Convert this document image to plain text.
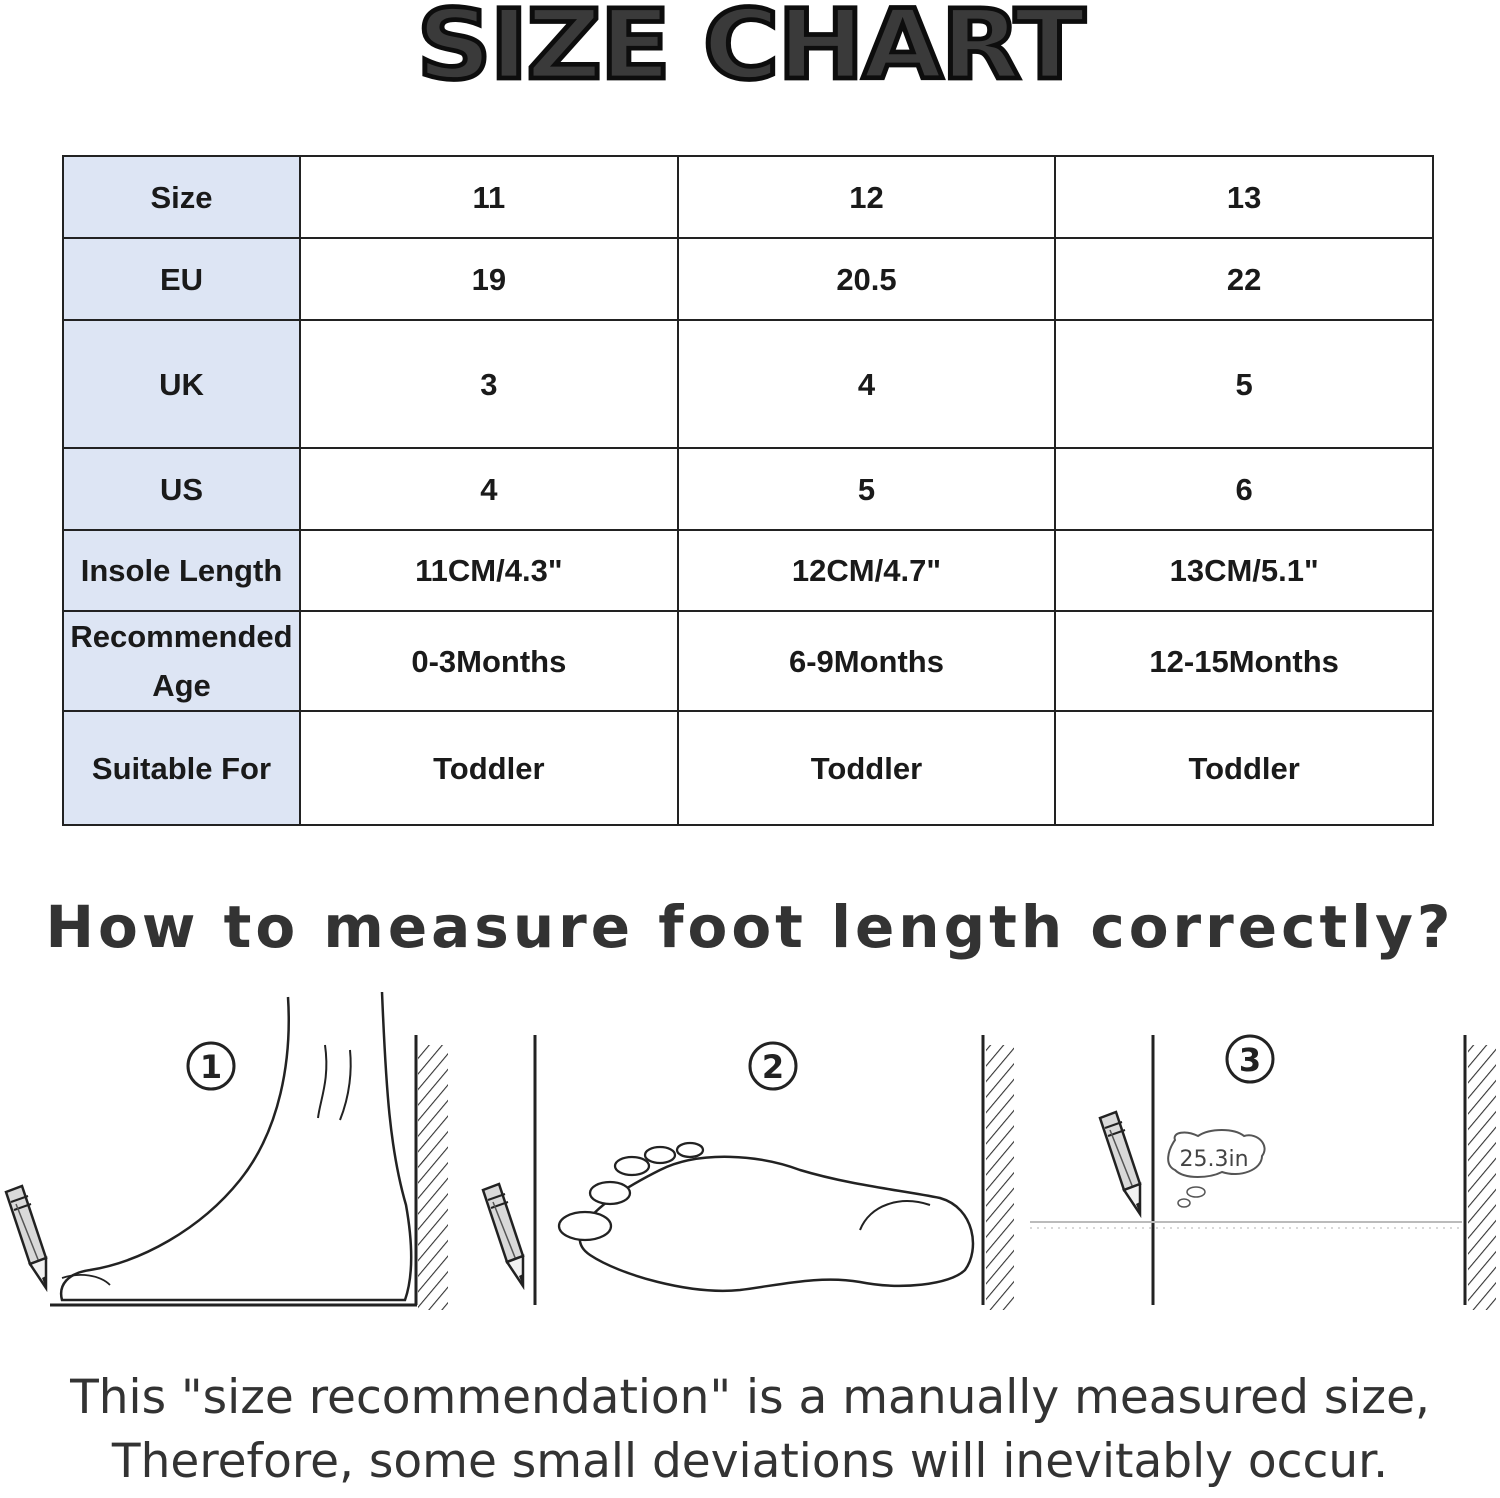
SIZE CHART
Size	11	12	13
EU	19	20.5	22
UK	3	4	5
US	4	5	6
Insole Length	11CM/4.3"	12CM/4.7"	13CM/5.1"
Recommended Age	0-3Months	6-9Months	12-15Months
Suitable For	Toddler	Toddler	Toddler
How to measure foot length correctly?
1	2
25.3in
3
This "size recommendation" is a manually measured size,
Therefore, some small deviations will inevitably occur.
